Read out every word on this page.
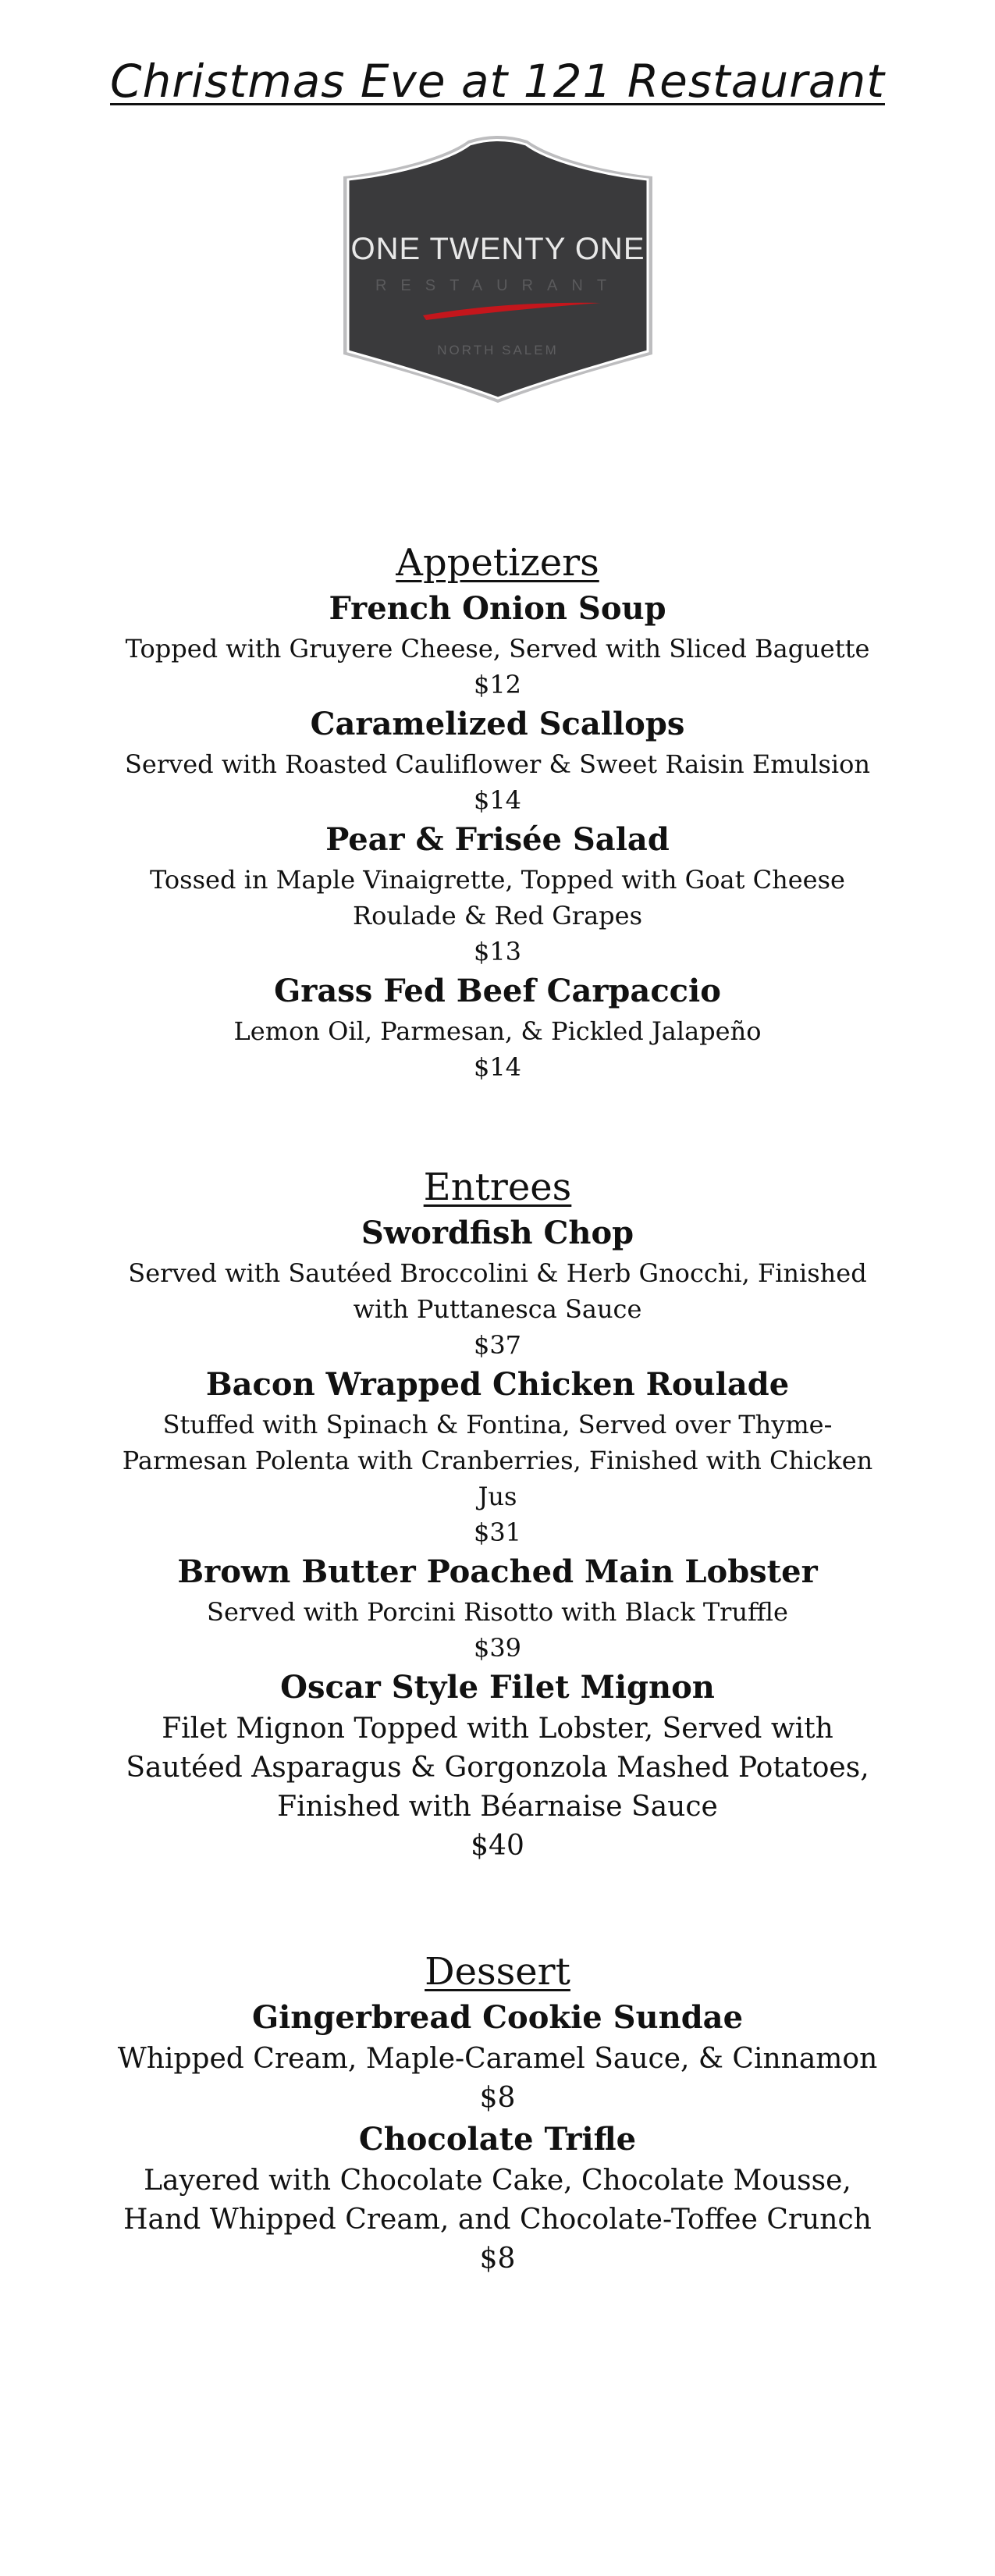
Christmas Eve at 121 Restaurant
ONE TWENTY ONE
RESTAURANT
NORTH SALEM
Appetizers

French Onion Soup

Topped with Gruyere Cheese, Served with Sliced Baguette

$12

Caramelized Scallops

Served with Roasted Cauliflower & Sweet Raisin Emulsion

$14

Pear & Frisée Salad

Tossed in Maple Vinaigrette, Topped with Goat Cheese Roulade & Red Grapes

$13

Grass Fed Beef Carpaccio

Lemon Oil, Parmesan, & Pickled Jalapeño

$14

Entrees

Swordfish Chop

Served with Sautéed Broccolini & Herb Gnocchi, Finished with Puttanesca Sauce

$37

Bacon Wrapped Chicken Roulade

Stuffed with Spinach & Fontina, Served over Thyme-Parmesan Polenta with Cranberries, Finished with Chicken Jus

$31

Brown Butter Poached Main Lobster

Served with Porcini Risotto with Black Truffle

$39

Oscar Style Filet Mignon

Filet Mignon Topped with Lobster, Served with Sautéed Asparagus & Gorgonzola Mashed Potatoes, Finished with Béarnaise Sauce

$40

Dessert

Gingerbread Cookie Sundae

Whipped Cream, Maple-Caramel Sauce, & Cinnamon

$8

Chocolate Trifle

Layered with Chocolate Cake, Chocolate Mousse, Hand Whipped Cream, and Chocolate-Toffee Crunch

$8
